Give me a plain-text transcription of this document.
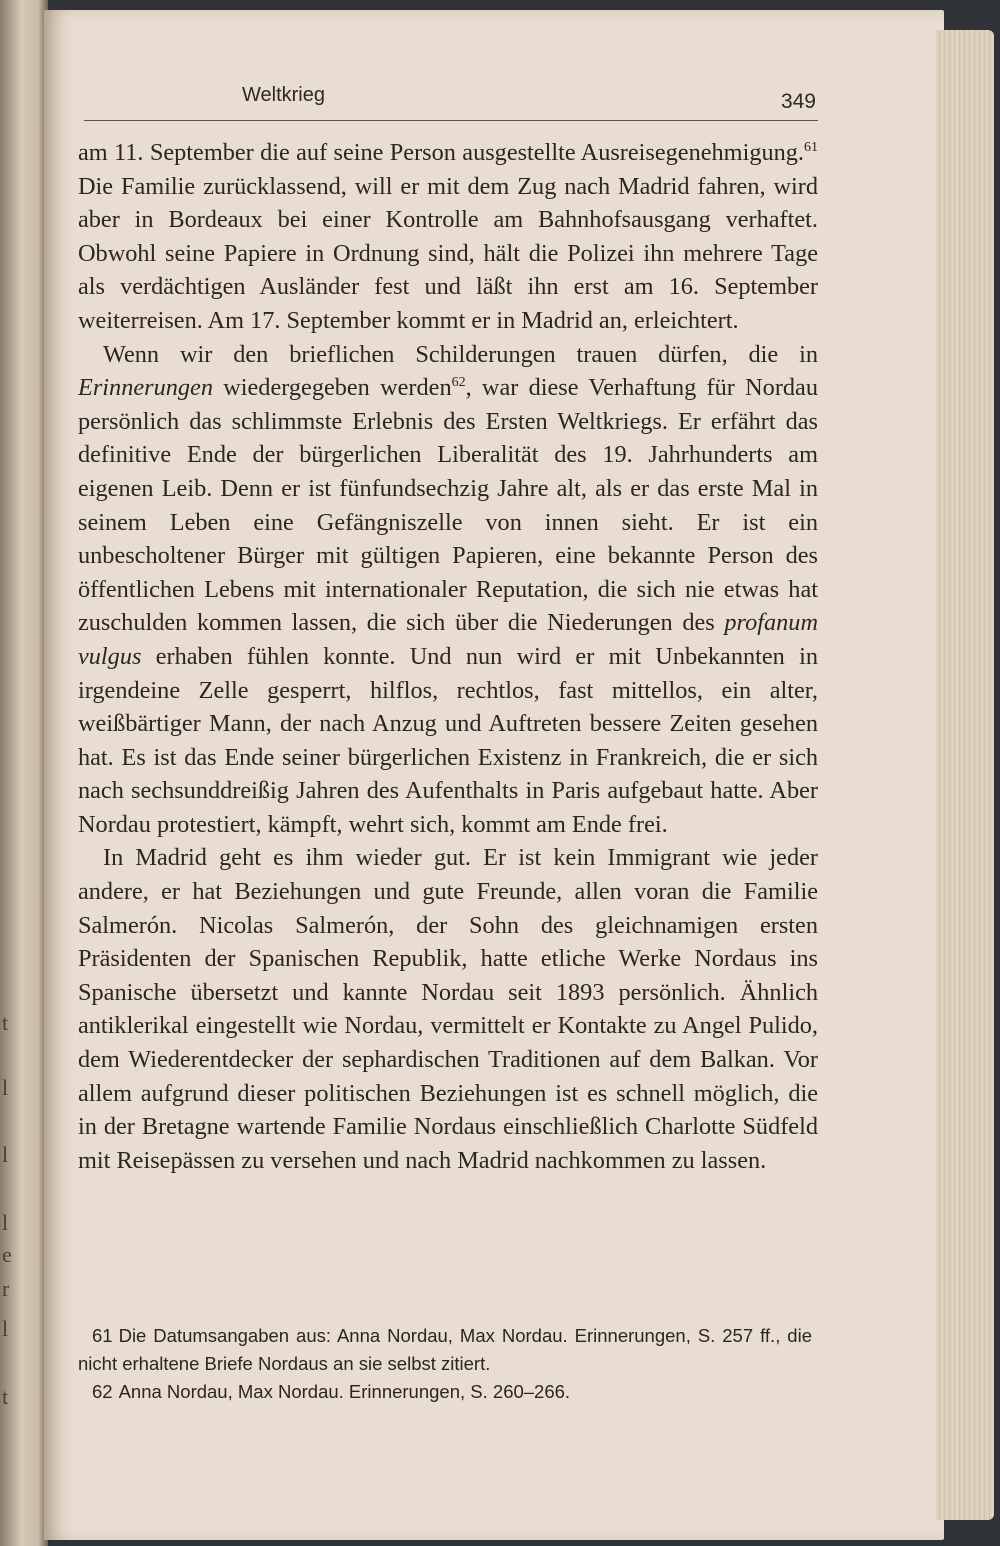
t
l
l
l
e
r
l
t
Weltkrieg	349

am 11. September die auf seine Person ausgestellte Ausreisegenehmigung.$^{61}$ Die Familie zurücklassend, will er mit dem Zug nach Madrid fahren, wird aber in Bordeaux bei einer Kontrolle am Bahnhofsausgang verhaftet. Obwohl seine Papiere in Ordnung sind, hält die Polizei ihn mehrere Tage als verdächtigen Ausländer fest und läßt ihn erst am 16. September weiterreisen. Am 17. September kommt er in Madrid an, erleichtert.

Wenn wir den brieflichen Schilderungen trauen dürfen, die in Erinnerungen wiedergegeben werden$^{62}$, war diese Verhaftung für Nordau persönlich das schlimmste Erlebnis des Ersten Weltkriegs. Er erfährt das definitive Ende der bürgerlichen Liberalität des 19. Jahrhunderts am eigenen Leib. Denn er ist fünfundsechzig Jahre alt, als er das erste Mal in seinem Leben eine Gefängniszelle von innen sieht. Er ist ein unbescholtener Bürger mit gültigen Papieren, eine bekannte Person des öffentlichen Lebens mit internationaler Reputation, die sich nie etwas hat zuschulden kommen lassen, die sich über die Niederungen des profanum vulgus erhaben fühlen konnte. Und nun wird er mit Unbekannten in irgendeine Zelle gesperrt, hilflos, rechtlos, fast mittellos, ein alter, weißbärtiger Mann, der nach Anzug und Auftreten bessere Zeiten gesehen hat. Es ist das Ende seiner bürgerlichen Existenz in Frankreich, die er sich nach sechsunddreißig Jahren des Aufenthalts in Paris aufgebaut hatte. Aber Nordau protestiert, kämpft, wehrt sich, kommt am Ende frei.

In Madrid geht es ihm wieder gut. Er ist kein Immigrant wie jeder andere, er hat Beziehungen und gute Freunde, allen voran die Familie Salmerón. Nicolas Salmerón, der Sohn des gleichnamigen ersten Präsidenten der Spanischen Republik, hatte etliche Werke Nordaus ins Spanische übersetzt und kannte Nordau seit 1893 persönlich. Ähnlich antiklerikal eingestellt wie Nordau, vermittelt er Kontakte zu Angel Pulido, dem Wiederentdecker der sephardischen Traditionen auf dem Balkan. Vor allem aufgrund dieser politischen Beziehungen ist es schnell möglich, die in der Bretagne wartende Familie Nordaus einschließlich Charlotte Südfeld mit Reisepässen zu versehen und nach Madrid nachkommen zu lassen.

61 Die Datumsangaben aus: Anna Nordau, Max Nordau. Erinnerungen, S. 257 ff., die nicht erhaltene Briefe Nordaus an sie selbst zitiert.

62 Anna Nordau, Max Nordau. Erinnerungen, S. 260–266.
